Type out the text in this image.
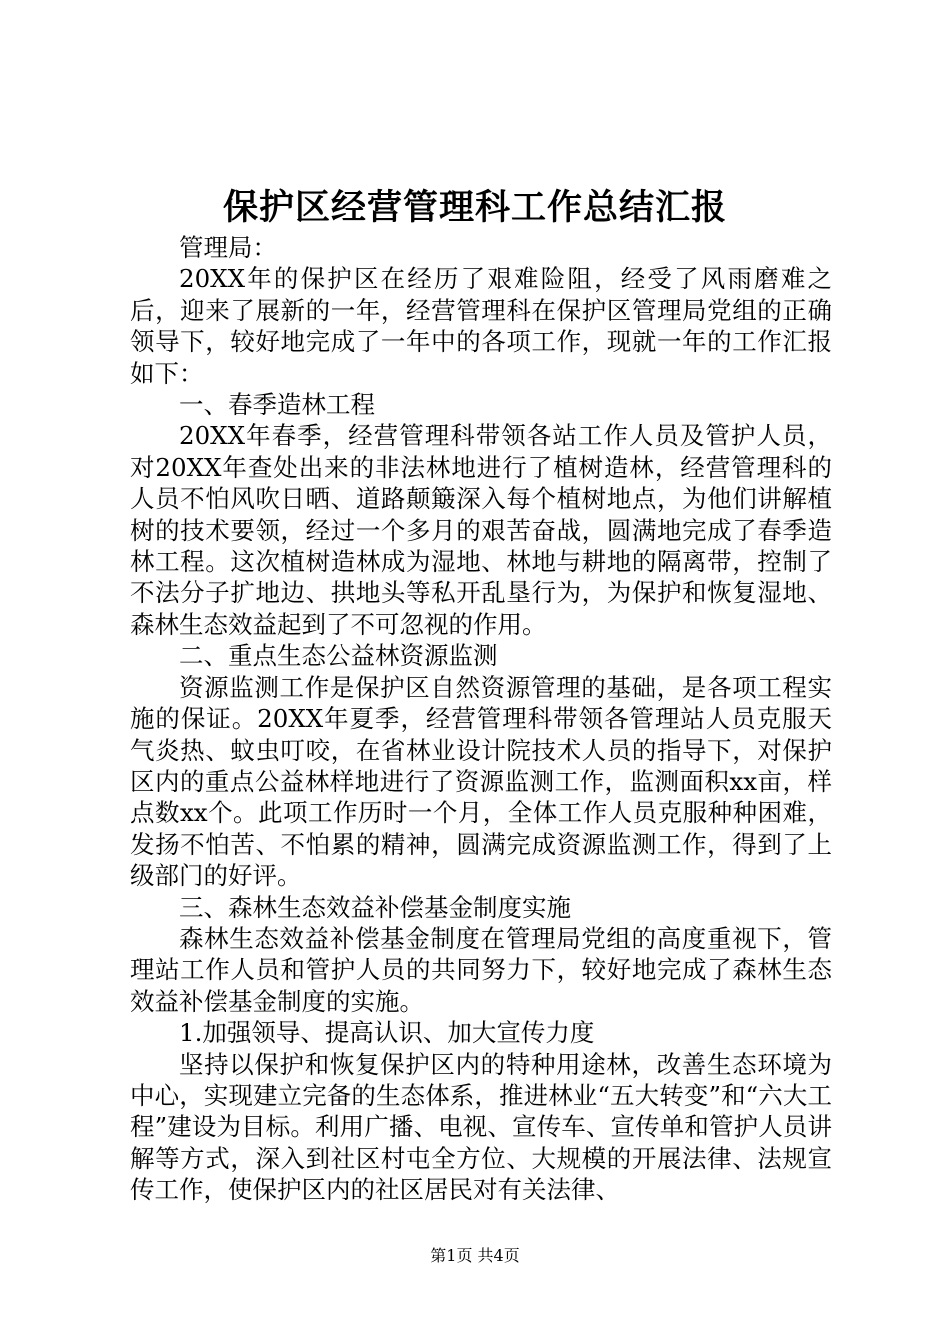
保护区经营管理科工作总结汇报

管理局：

20XX年的保护区在经历了艰难险阻，经受了风雨磨难之后，迎来了展新的一年，经营管理科在保护区管理局党组的正确领导下，较好地完成了一年中的各项工作，现就一年的工作汇报如下：

一、春季造林工程

20XX年春季，经营管理科带领各站工作人员及管护人员，对20XX年查处出来的非法林地进行了植树造林，经营管理科的人员不怕风吹日晒、道路颠簸深入每个植树地点，为他们讲解植树的技术要领，经过一个多月的艰苦奋战，圆满地完成了春季造林工程。这次植树造林成为湿地、林地与耕地的隔离带，控制了不法分子扩地边、拱地头等私开乱垦行为，为保护和恢复湿地、森林生态效益起到了不可忽视的作用。

二、重点生态公益林资源监测

资源监测工作是保护区自然资源管理的基础，是各项工程实施的保证。20XX年夏季，经营管理科带领各管理站人员克服天气炎热、蚊虫叮咬，在省林业设计院技术人员的指导下，对保护区内的重点公益林样地进行了资源监测工作，监测面积xx亩，样点数xx个。此项工作历时一个月，全体工作人员克服种种困难，发扬不怕苦、不怕累的精神，圆满完成资源监测工作，得到了上级部门的好评。

三、森林生态效益补偿基金制度实施

森林生态效益补偿基金制度在管理局党组的高度重视下，管理站工作人员和管护人员的共同努力下，较好地完成了森林生态效益补偿基金制度的实施。

1.加强领导、提高认识、加大宣传力度

坚持以保护和恢复保护区内的特种用途林，改善生态环境为中心，实现建立完备的生态体系，推进林业“五大转变”和“六大工程”建设为目标。利用广播、电视、宣传车、宣传单和管护人员讲解等方式，深入到社区村屯全方位、大规模的开展法律、法规宣传工作，使保护区内的社区居民对有关法律、

第1页 共4页
